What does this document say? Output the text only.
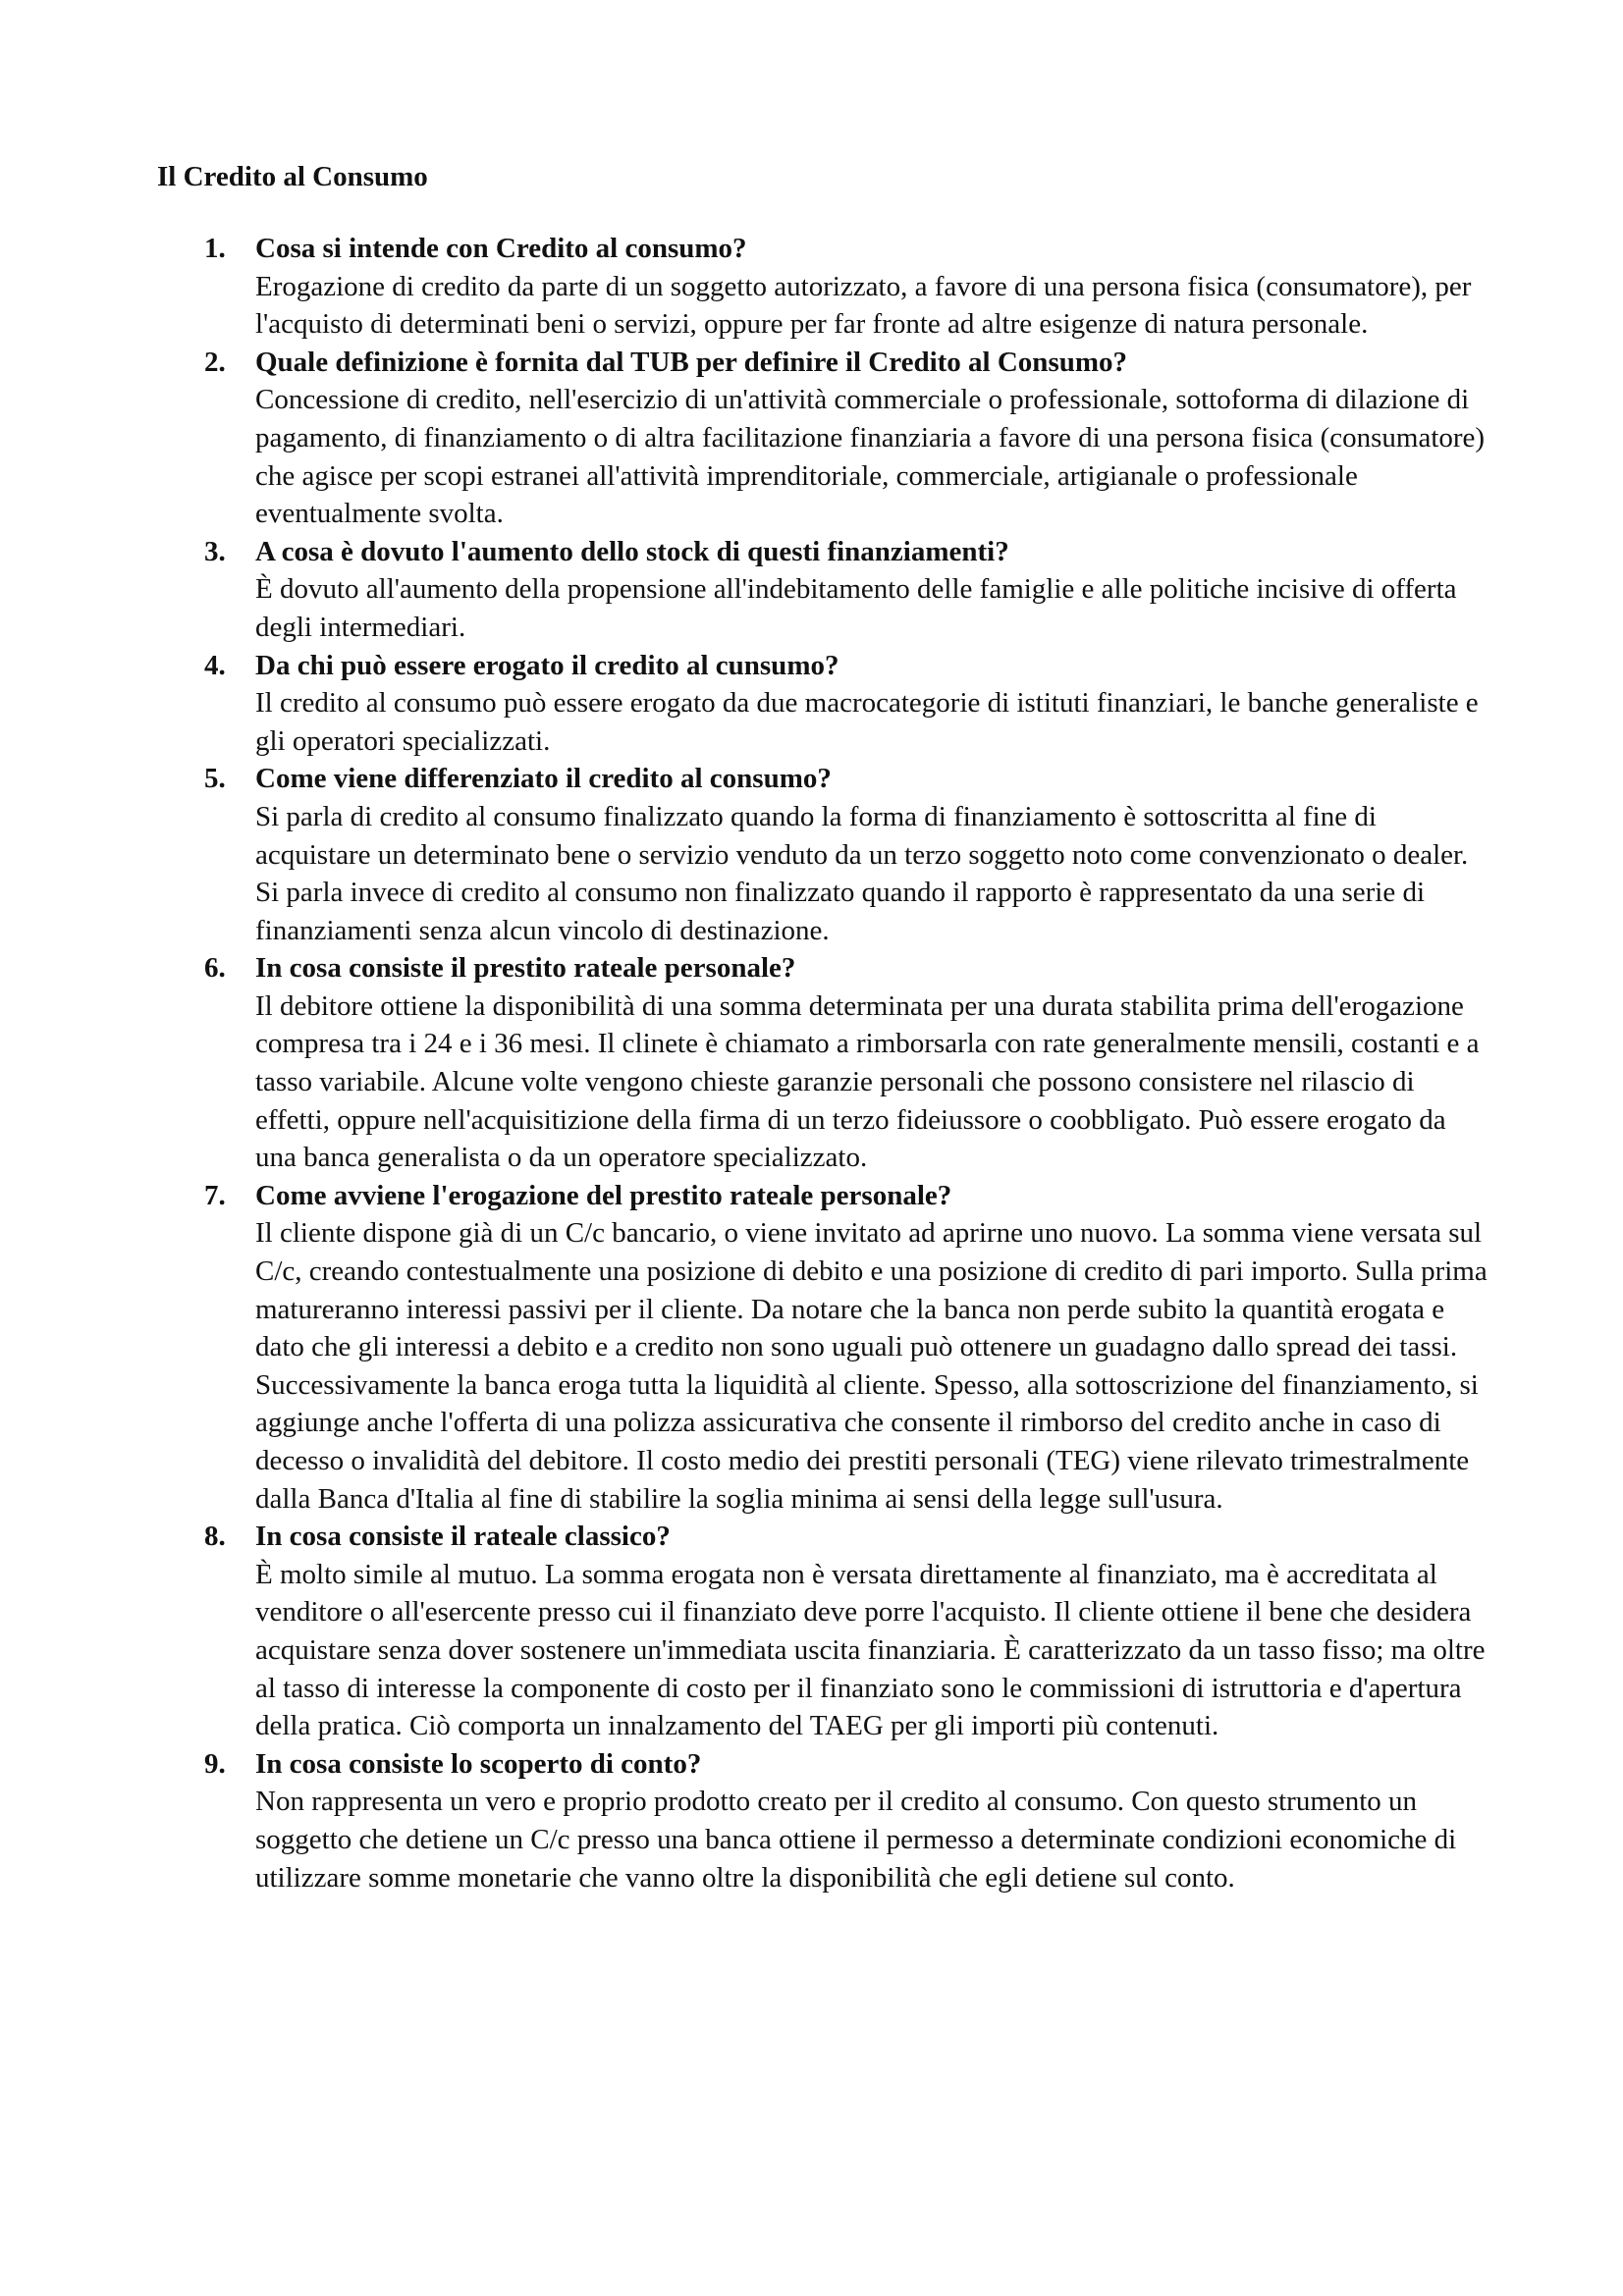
Il Credito al Consumo
1. Cosa si intende con Credito al consumo?
Erogazione di credito da parte di un soggetto autorizzato, a favore di una persona fisica (consumatore), per l'acquisto di determinati beni o servizi, oppure per far fronte ad altre esigenze di natura personale.
2. Quale definizione è fornita dal TUB per definire il Credito al Consumo?
Concessione di credito, nell'esercizio di un'attività commerciale o professionale, sottoforma di dilazione di pagamento, di finanziamento o di altra facilitazione finanziaria a favore di una persona fisica (consumatore) che agisce per scopi estranei all'attività imprenditoriale, commerciale, artigianale o professionale eventualmente svolta.
3. A cosa è dovuto l'aumento dello stock di questi finanziamenti?
È dovuto all'aumento della propensione all'indebitamento delle famiglie e alle politiche incisive di offerta degli intermediari.
4. Da chi può essere erogato il credito al cunsumo?
Il credito al consumo può essere erogato da due macrocategorie di istituti finanziari, le banche generaliste e gli operatori specializzati.
5. Come viene differenziato il credito al consumo?
Si parla di credito al consumo finalizzato quando la forma di finanziamento è sottoscritta al fine di acquistare un determinato bene o servizio venduto da un terzo soggetto noto come convenzionato o dealer. Si parla invece di credito al consumo non finalizzato quando il rapporto è rappresentato da una serie di finanziamenti senza alcun vincolo di destinazione.
6. In cosa consiste il prestito rateale personale?
Il debitore ottiene la disponibilità di una somma determinata per una durata stabilita prima dell'erogazione compresa tra i 24 e i 36 mesi. Il clinete è chiamato a rimborsarla con rate generalmente mensili, costanti e a tasso variabile. Alcune volte vengono chieste garanzie personali che possono consistere nel rilascio di effetti, oppure nell'acquisitizione della firma di un terzo fideiussore o coobbligato. Può essere erogato da una banca generalista o da un operatore specializzato.
7. Come avviene l'erogazione del prestito rateale personale?
Il cliente dispone già di un C/c bancario, o viene invitato ad aprirne uno nuovo. La somma viene versata sul C/c, creando contestualmente una posizione di debito e una posizione di credito di pari importo. Sulla prima matureranno interessi passivi per il cliente. Da notare che la banca non perde subito la quantità erogata e dato che gli interessi a debito e a credito non sono uguali può ottenere un guadagno dallo spread dei tassi. Successivamente la banca eroga tutta la liquidità al cliente. Spesso, alla sottoscrizione del finanziamento, si aggiunge anche l'offerta di una polizza assicurativa che consente il rimborso del credito anche in caso di decesso o invalidità del debitore. Il costo medio dei prestiti personali (TEG) viene rilevato trimestralmente dalla Banca d'Italia al fine di stabilire la soglia minima ai sensi della legge sull'usura.
8. In cosa consiste il rateale classico?
È molto simile al mutuo. La somma erogata non è versata direttamente al finanziato, ma è accreditata al venditore o all'esercente presso cui il finanziato deve porre l'acquisto. Il cliente ottiene il bene che desidera acquistare senza dover sostenere un'immediata uscita finanziaria. È caratterizzato da un tasso fisso; ma oltre al tasso di interesse la componente di costo per il finanziato sono le commissioni di istruttoria e d'apertura della pratica. Ciò comporta un innalzamento del TAEG per gli importi più contenuti.
9. In cosa consiste lo scoperto di conto?
Non rappresenta un vero e proprio prodotto creato per il credito al consumo. Con questo strumento un soggetto che detiene un C/c presso una banca ottiene il permesso a determinate condizioni economiche di utilizzare somme monetarie che vanno oltre la disponibilità che egli detiene sul conto.
